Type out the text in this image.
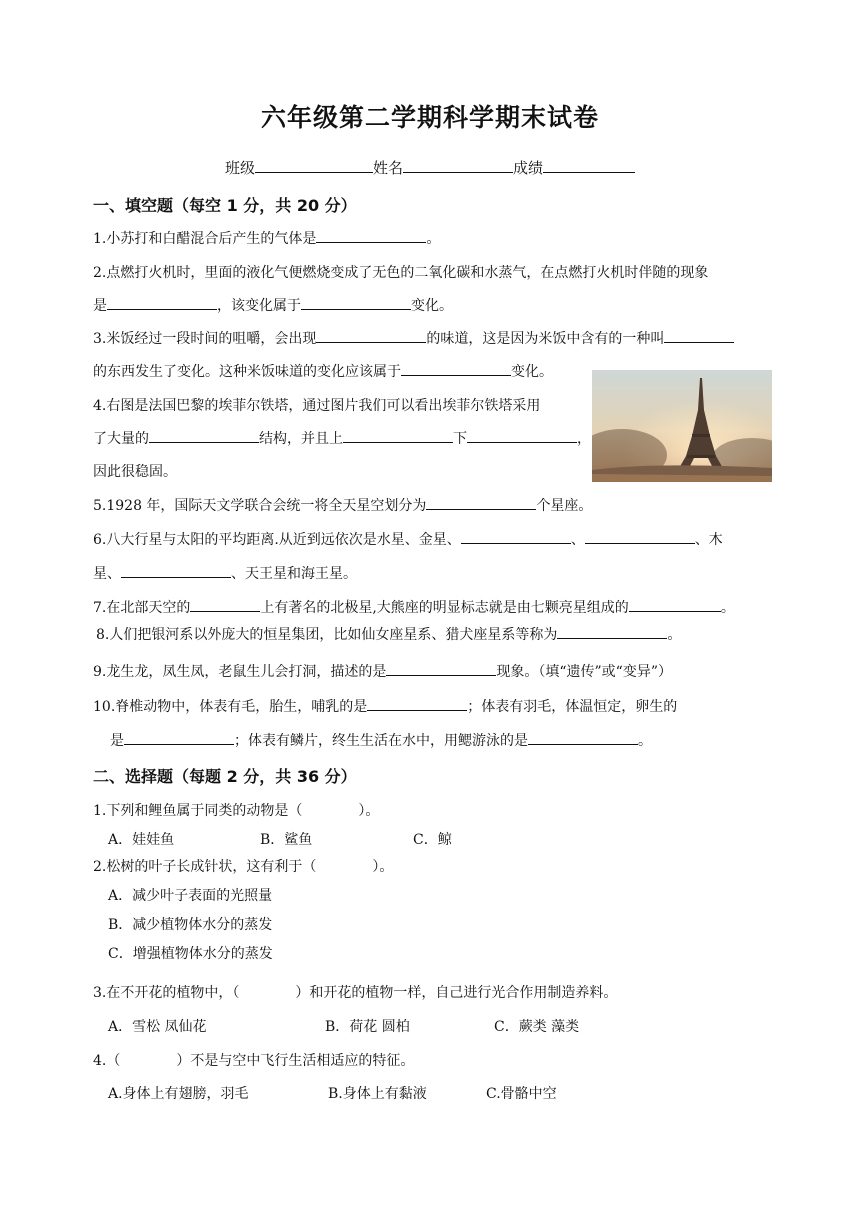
六年级第二学期科学期末试卷
班级	姓名	成绩
一、填空题（每空 1 分，共 20 分）
1.小苏打和白醋混合后产生的气体是	。
2.点燃打火机时，里面的液化气便燃烧变成了无色的二氧化碳和水蒸气，在点燃打火机时伴随的现象
是	，该变化属于	变化。
3.米饭经过一段时间的咀嚼，会出现	的味道，这是因为米饭中含有的一种叫
的东西发生了变化。这种米饭味道的变化应该属于	变化。
4.右图是法国巴黎的埃菲尔铁塔，通过图片我们可以看出埃菲尔铁塔采用
了大量的	结构，并且上	下	，
因此很稳固。
5.1928 年，国际天文学联合会统一将全天星空划分为	个星座。
6.八大行星与太阳的平均距离.从近到远依次是水星、金星、	、	、木
星、	、天王星和海王星。
7.在北部天空的	上有著名的北极星,大熊座的明显标志就是由七颗亮星组成的	。
8.人们把银河系以外庞大的恒星集团，比如仙女座星系、猎犬座星系等称为	。
9.龙生龙，凤生凤，老鼠生儿会打洞，描述的是	现象。（填“遗传”或“变异”）
10.脊椎动物中，体表有毛，胎生，哺乳的是	；体表有羽毛，体温恒定，卵生的
是	；体表有鳞片，终生生活在水中，用鳃游泳的是	。
二、选择题（每题 2 分，共 36 分）
1.下列和鲤鱼属于同类的动物是（　　　　）。
A．娃娃鱼	B．鲨鱼	C．鲸
2.松树的叶子长成针状，这有利于（　　　　）。
A．减少叶子表面的光照量
B．减少植物体水分的蒸发
C．增强植物体水分的蒸发
3.在不开花的植物中，（　　　　）和开花的植物一样，自己进行光合作用制造养料。
A．雪松 凤仙花	B．荷花 圆柏	C．蕨类 藻类
4.（　　　　）不是与空中飞行生活相适应的特征。
A.身体上有翅膀，羽毛	B.身体上有黏液	C.骨骼中空
